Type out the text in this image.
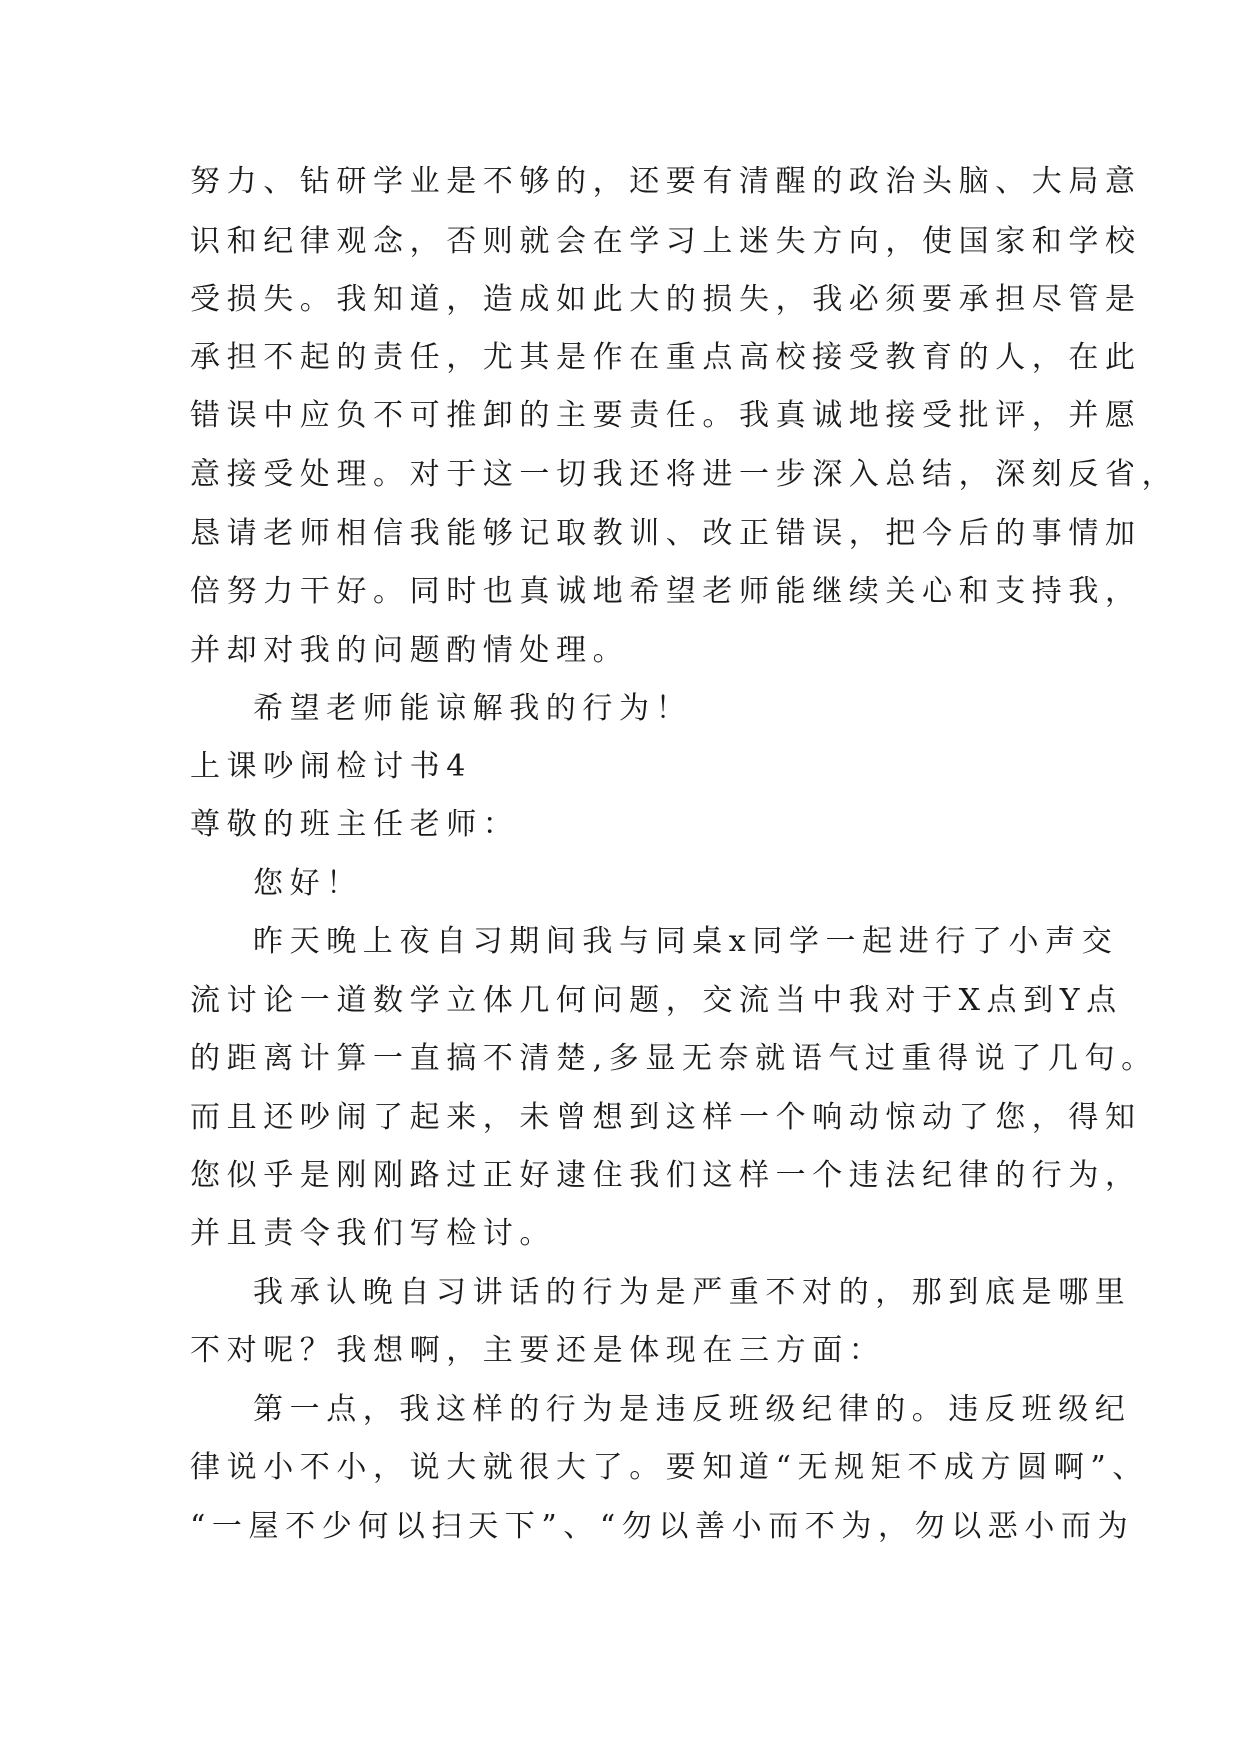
努力、钻研学业是不够的，还要有清醒的政治头脑、大局意
识和纪律观念，否则就会在学习上迷失方向，使国家和学校
受损失。我知道，造成如此大的损失，我必须要承担尽管是
承担不起的责任，尤其是作在重点高校接受教育的人，在此
错误中应负不可推卸的主要责任。我真诚地接受批评，并愿
意接受处理。对于这一切我还将进一步深入总结，深刻反省，
恳请老师相信我能够记取教训、改正错误，把今后的事情加
倍努力干好。同时也真诚地希望老师能继续关心和支持我，
并却对我的问题酌情处理。
希望老师能谅解我的行为！
上课吵闹检讨书4
尊敬的班主任老师：
您好！
昨天晚上夜自习期间我与同桌x同学一起进行了小声交
流讨论一道数学立体几何问题，交流当中我对于X点到Y点
的距离计算一直搞不清楚,多显无奈就语气过重得说了几句。
而且还吵闹了起来，未曾想到这样一个响动惊动了您，得知
您似乎是刚刚路过正好逮住我们这样一个违法纪律的行为，
并且责令我们写检讨。
我承认晚自习讲话的行为是严重不对的，那到底是哪里
不对呢？我想啊，主要还是体现在三方面：
第一点，我这样的行为是违反班级纪律的。违反班级纪
律说小不小，说大就很大了。要知道“无规矩不成方圆啊”、
“一屋不少何以扫天下”、“勿以善小而不为，勿以恶小而为
